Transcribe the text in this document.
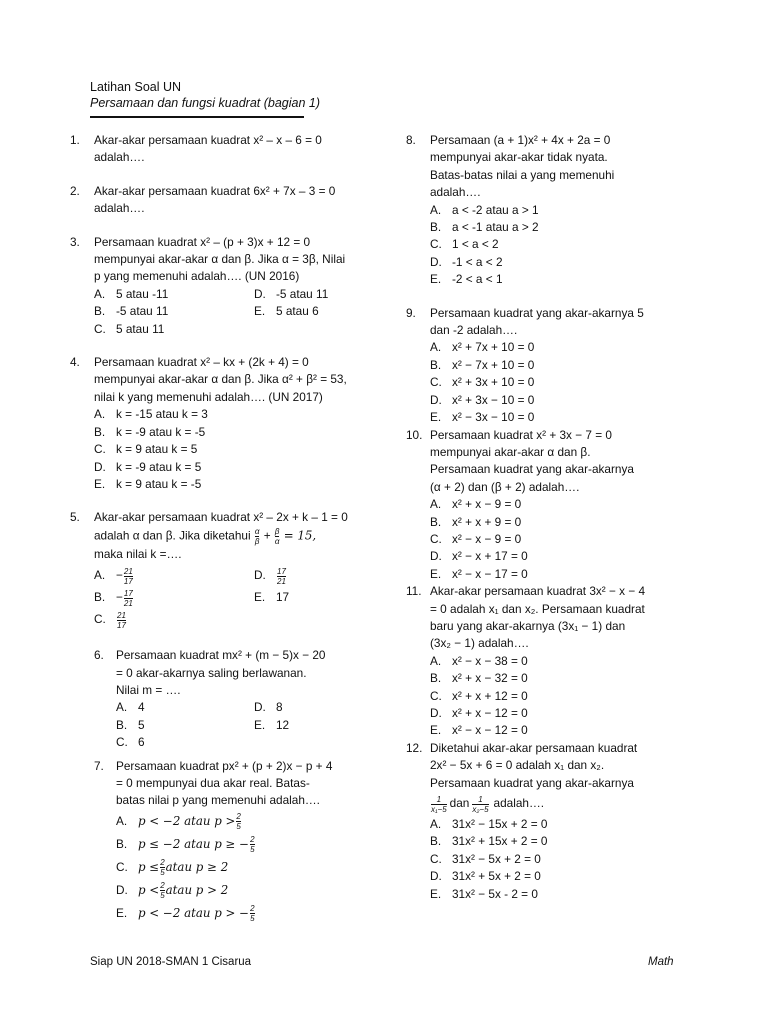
Latihan Soal UN
Persamaan dan fungsi kuadrat (bagian 1)
1.	Akar-akar persamaan kuadrat x² – x – 6 = 0
adalah….
2.	Akar-akar persamaan kuadrat 6x² + 7x – 3 = 0
adalah….
3.	Persamaan kuadrat x² – (p + 3)x + 12 = 0
mempunyai akar-akar α dan β. Jika α = 3β, Nilai
p yang memenuhi adalah…. (UN 2016)
A. 5 atau -11	D. -5 atau 11
B. -5 atau 11	E. 5 atau 6
C. 5 atau 11
4.	Persamaan kuadrat x² – kx + (2k + 4) = 0
mempunyai akar-akar α dan β. Jika α² + β² = 53,
nilai k yang memenuhi adalah…. (UN 2017)
A. k = -15 atau k = 3
B. k = -9 atau k = -5
C. k = 9 atau k = 5
D. k = -9 atau k = 5
E. k = 9 atau k = -5
5.	Akar-akar persamaan kuadrat x² – 2x + k – 1 = 0
adalah α dan β. Jika diketahui $\frac{\alpha}{\beta} + \frac{\beta}{\alpha} = 15$,
maka nilai k =….
A. − $\frac{21}{17}$	D.	$\frac{17}{21}$
B. − $\frac{17}{21}$	E. 17
C.	$\frac{21}{17}$
6.	Persamaan kuadrat mx² + (m − 5)x − 20
= 0 akar-akarnya saling berlawanan.
Nilai m = ….
A. 4	D. 8
B. 5	E. 12
C. 6
7.	Persamaan kuadrat px² + (p + 2)x − p + 4
= 0 mempunyai dua akar real. Batas-
batas nilai p yang memenuhi adalah….
A. p < −2 atau $p > \frac{2}{5}$
B. p ≤ −2 atau p ≥ − $\frac{2}{5}$
C. $p \le \frac{2}{5}$ atau p ≥ 2
D. $p < \frac{2}{5}$ atau p > 2
E. p < −2 atau p > − $\frac{2}{5}$
8.	Persamaan (a + 1)x² + 4x + 2a = 0
mempunyai akar-akar tidak nyata.
Batas-batas nilai a yang memenuhi
adalah….
A. a < -2 atau a > 1
B. a < -1 atau a > 2
C. 1 < a < 2
D. -1 < a < 2
E. -2 < a < 1
9.	Persamaan kuadrat yang akar-akarnya 5
dan -2 adalah….
A. x² + 7x + 10 = 0
B. x² − 7x + 10 = 0
C. x² + 3x + 10 = 0
D. x² + 3x − 10 = 0
E. x² − 3x − 10 = 0
10. Persamaan kuadrat x² + 3x − 7 = 0
mempunyai akar-akar α dan β.
Persamaan kuadrat yang akar-akarnya
(α + 2) dan (β + 2) adalah….
A. x² + x − 9 = 0
B. x² + x + 9 = 0
C. x² − x − 9 = 0
D. x² − x + 17 = 0
E. x² − x − 17 = 0
11. Akar-akar persamaan kuadrat 3x² − x − 4
= 0 adalah x₁ dan x₂. Persamaan kuadrat
baru yang akar-akarnya (3x₁ − 1) dan
(3x₂ − 1) adalah….
A. x² − x − 38 = 0
B. x² + x − 32 = 0
C. x² + x + 12 = 0
D. x² + x − 12 = 0
E. x² − x − 12 = 0
12. Diketahui akar-akar persamaan kuadrat
2x² − 5x + 6 = 0 adalah x₁ dan x₂.
Persamaan kuadrat yang akar-akarnya
$\frac{1}{\text{x₁−5}}$ dan $\frac{1}{\text{x₂−5}}$ adalah….
A. 31x² − 15x + 2 = 0
B. 31x² + 15x + 2 = 0
C. 31x² − 5x + 2 = 0
D. 31x² + 5x + 2 = 0
E. 31x² − 5x - 2 = 0
Siap UN 2018-SMAN 1 Cisarua	Math
